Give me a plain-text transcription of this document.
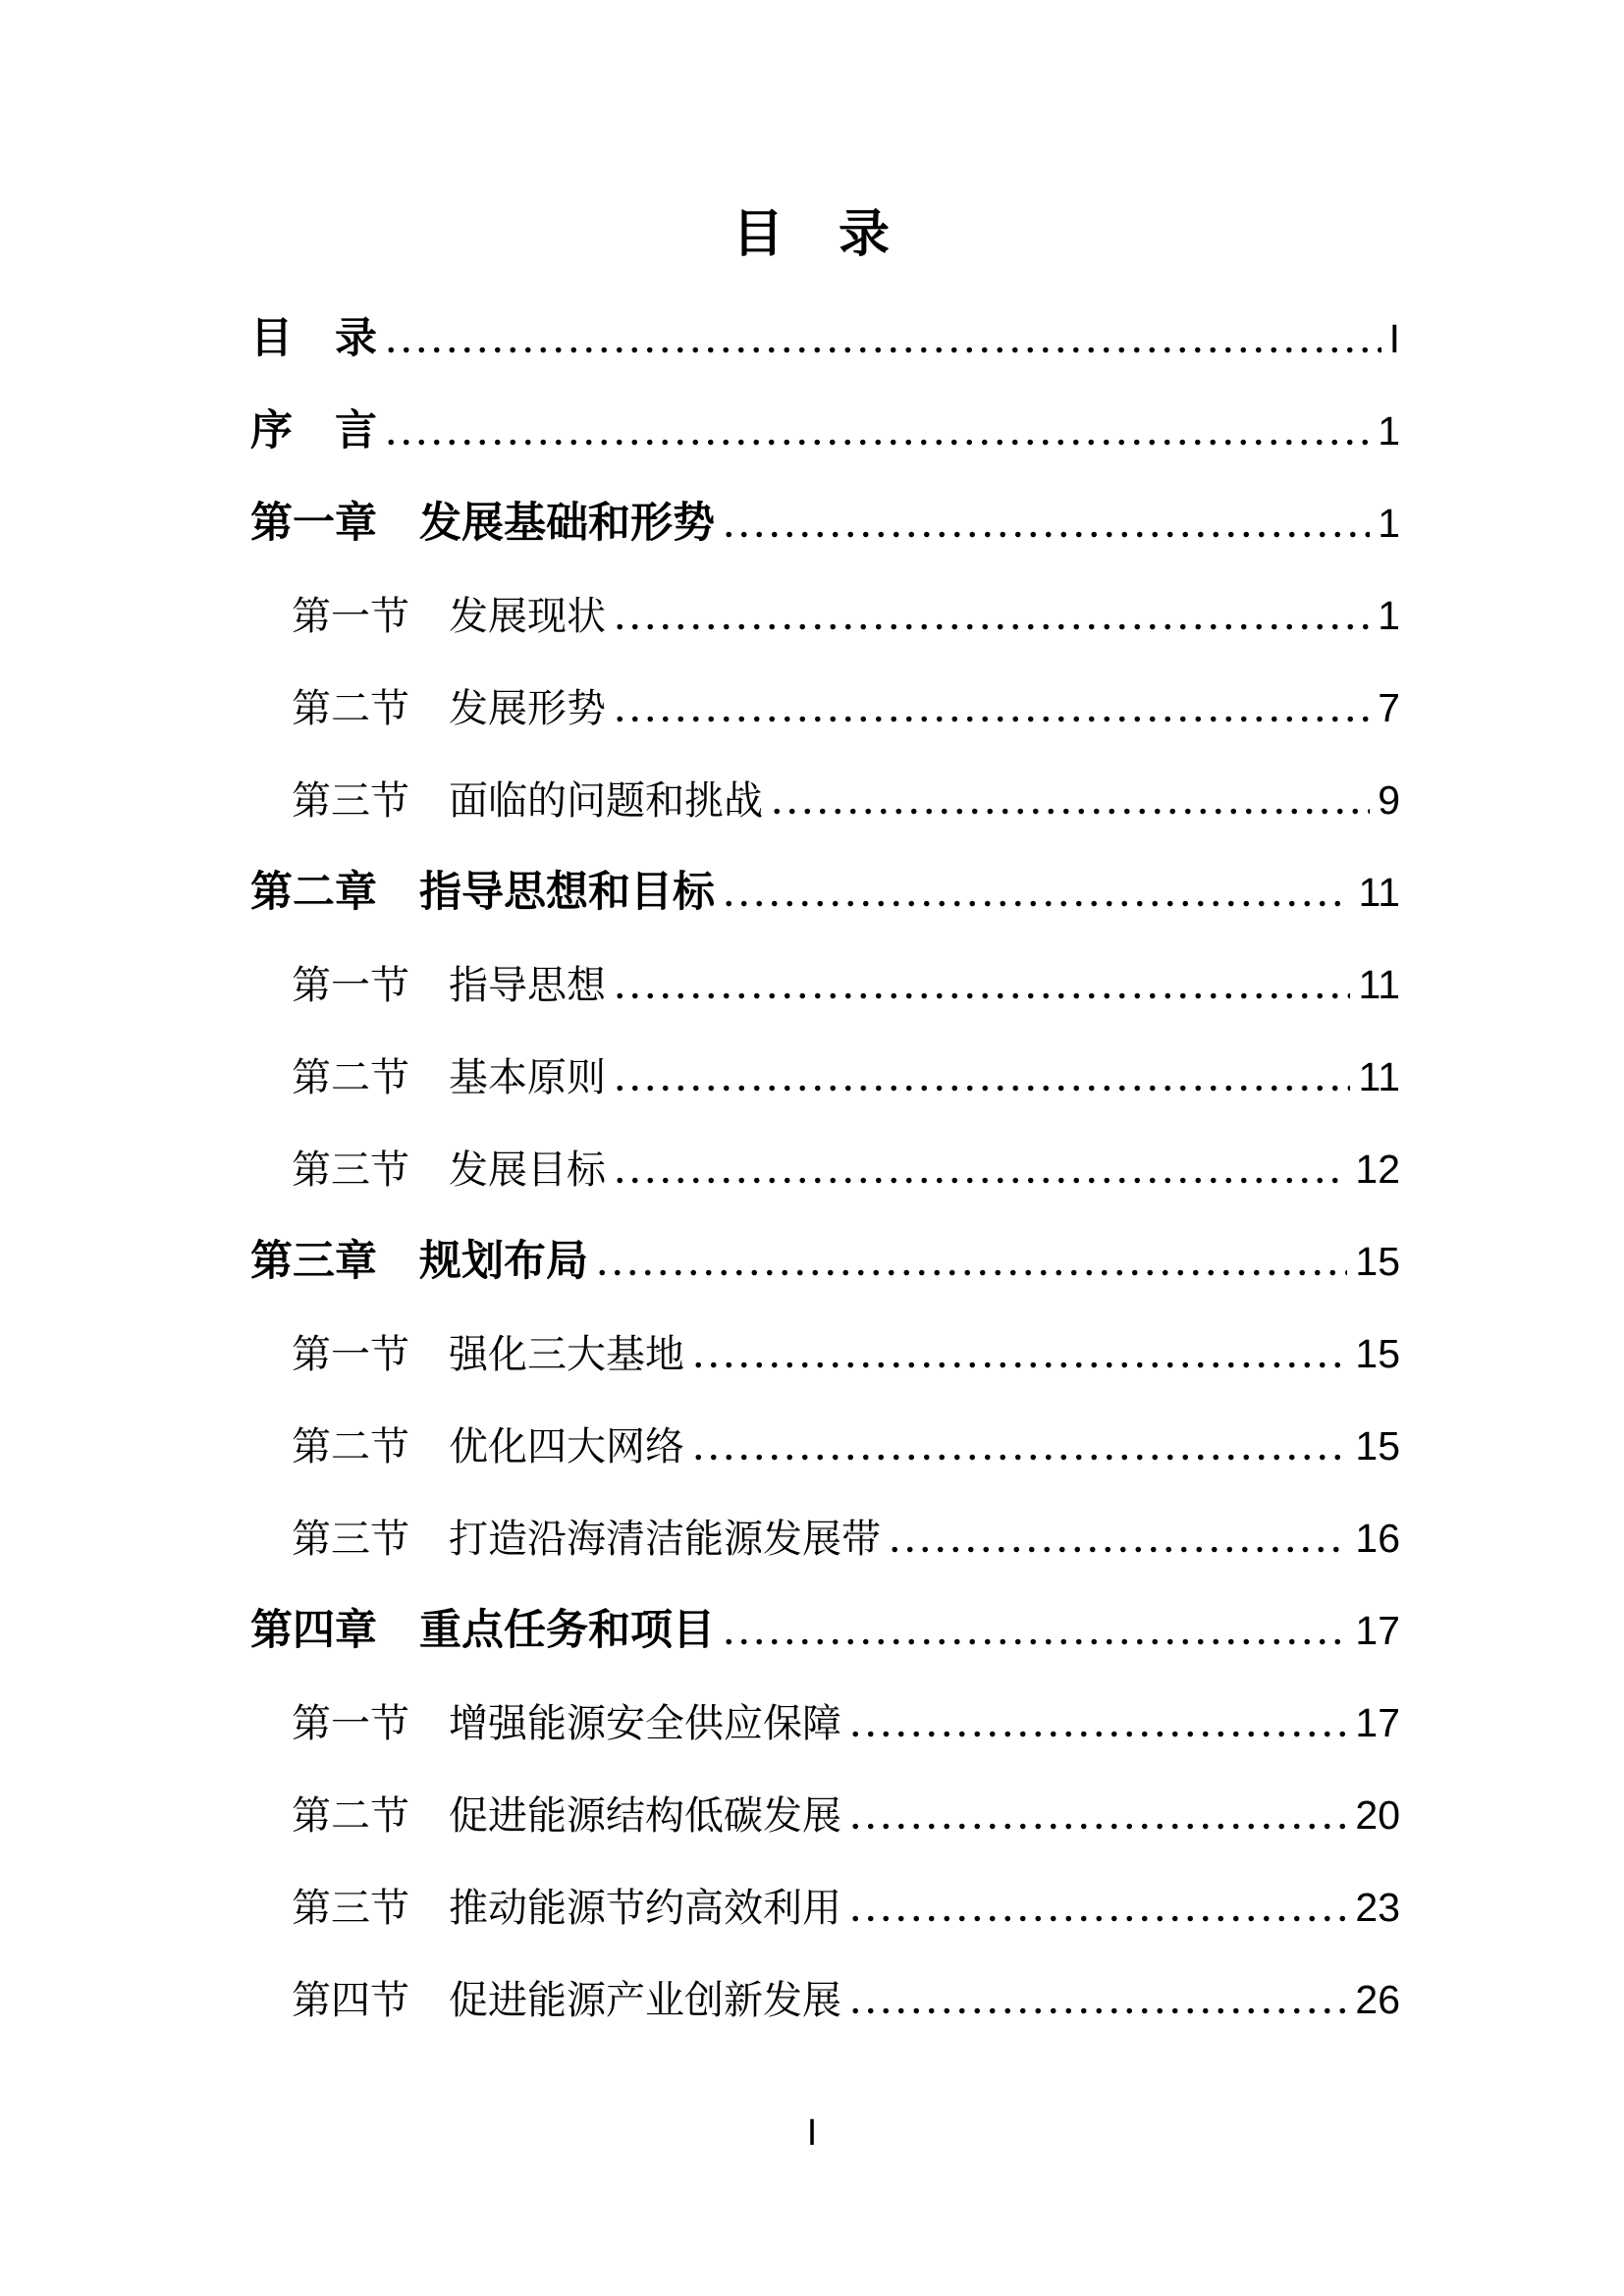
目　录
目　录 .....	I
序　言 .....	1
第一章　发展基础和形势 .....	1
第一节　发展现状 .....	1
第二节　发展形势 .....	7
第三节　面临的问题和挑战 .....	9
第二章　指导思想和目标 .....	11
第一节　指导思想 .....	11
第二节　基本原则 .....	11
第三节　发展目标 .....	12
第三章　规划布局 .....	15
第一节　强化三大基地 .....	15
第二节　优化四大网络 .....	15
第三节　打造沿海清洁能源发展带 .....	16
第四章　重点任务和项目 .....	17
第一节　增强能源安全供应保障 .....	17
第二节　促进能源结构低碳发展 .....	20
第三节　推动能源节约高效利用 .....	23
第四节　促进能源产业创新发展 .....	26
I
